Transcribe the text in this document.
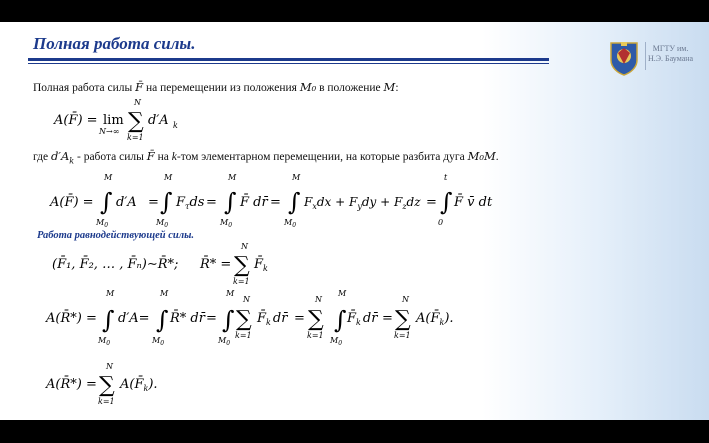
Полная работа силы.	МГТУ им.
Н.Э. Баумана
Полная работа силы F̄ на перемещении из положения M₀ в положение M:
A(F̄) = lim
N→∞
N
∑
k=1
d′A k
где $d'A_k$ - работа силы F̄ на k-том элементарном перемещении, на которые разбита дуга M₀M.
A(F̄) =
M
∫
$M_0$
d′A =
M
∫
$M_0$
$F_\tau ds$ =
M
∫
$M_0$
F̄ dr̄ =
M
∫
$M_0$
$F_xdx + F_ydy + F_zdz$ =
t
∫
0
F̄ v̄ dt
Работа равнодействующей силы.
(F̄₁, F̄₂, … , F̄ₙ)∼R̄*; R̄* =
N
∑
k=1
$F̄_k$
A(R̄*) =
M
∫
$M_0$
d′A=
M
∫
$M_0$
R̄* dr̄ =
M
∫
$M_0$
N
∑
k=1
$F̄_k$ dr̄ =
N
∑
k=1
M
∫
$M_0$
$F̄_k$ dr̄ =
N
∑
k=1
$A(F̄_k)$.
A(R̄*) =
N
∑
k=1
$A(F̄_k)$.
